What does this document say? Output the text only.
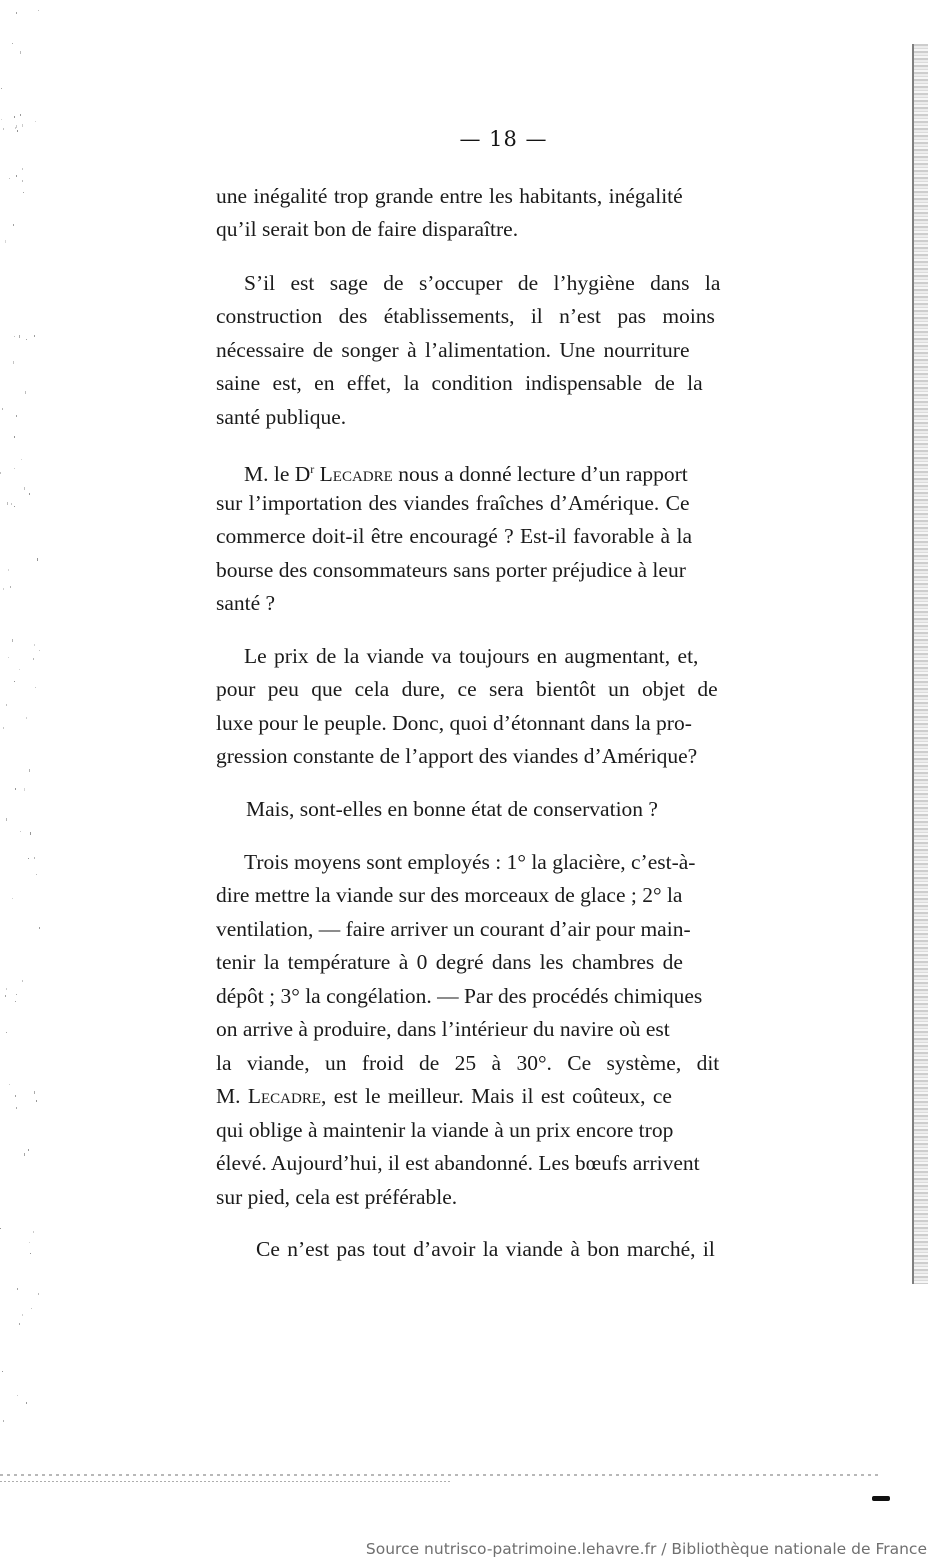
— 18 —
une inégalité trop grande entre les habitants, inégalité
qu’il serait bon de faire disparaître.
S’il est sage de s’occuper de l’hygiène dans la
construction des établissements, il n’est pas moins
nécessaire de songer à l’alimentation. Une nourriture
saine est, en effet, la condition indispensable de la
santé publique.
M. le $D^r$ Lecadre nous a donné lecture d’un rapport
sur l’importation des viandes fraîches d’Amérique. Ce
commerce doit-il être encouragé ? Est-il favorable à la
bourse des consommateurs sans porter préjudice à leur
santé ?
Le prix de la viande va toujours en augmentant, et,
pour peu que cela dure, ce sera bientôt un objet de
luxe pour le peuple. Donc, quoi d’étonnant dans la pro-
gression constante de l’apport des viandes d’Amérique?
Mais, sont-elles en bonne état de conservation ?
Trois moyens sont employés : 1° la glacière, c’est-à-
dire mettre la viande sur des morceaux de glace ; 2° la
ventilation, — faire arriver un courant d’air pour main-
tenir la température à 0 degré dans les chambres de
dépôt ; 3° la congélation. — Par des procédés chimiques
on arrive à produire, dans l’intérieur du navire où est
la viande, un froid de 25 à 30°. Ce système, dit
M. Lecadre, est le meilleur. Mais il est coûteux, ce
qui oblige à maintenir la viande à un prix encore trop
élevé. Aujourd’hui, il est abandonné. Les bœufs arrivent
sur pied, cela est préférable.
Ce n’est pas tout d’avoir la viande à bon marché, il
Source nutrisco-patrimoine.lehavre.fr / Bibliothèque nationale de France
